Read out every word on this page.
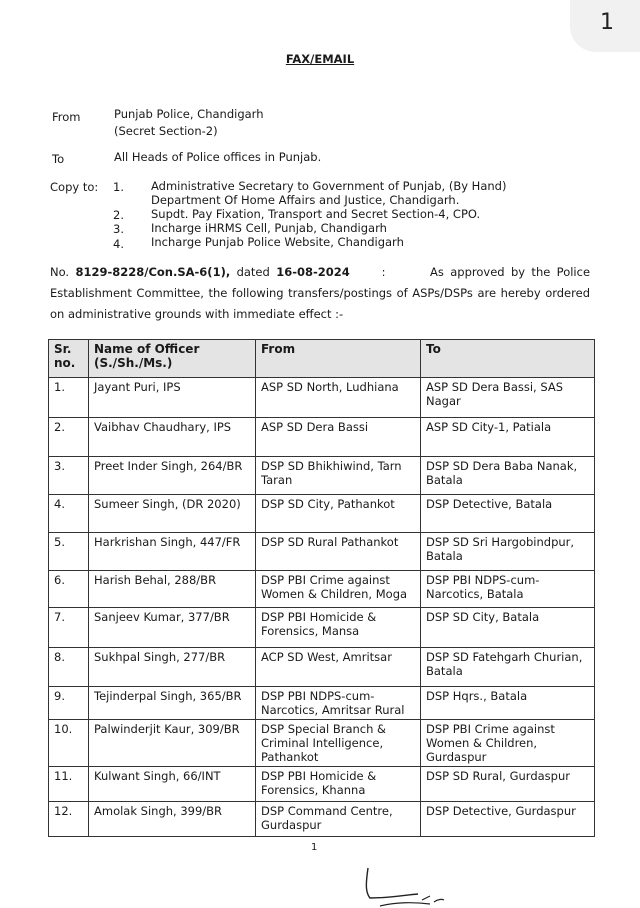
1
FAX/EMAIL
From	Punjab Police, Chandigarh
(Secret Section-2)
To	All Heads of Police offices in Punjab.
Copy to: 1. Administrative Secretary to Government of Punjab, (By Hand)
Department Of Home Affairs and Justice, Chandigarh.
2. Supdt. Pay Fixation, Transport and Secret Section-4, CPO.
3. Incharge iHRMS Cell, Punjab, Chandigarh
4. Incharge Punjab Police Website, Chandigarh
No. 8129-8228/Con.SA-6(1), dated 16-08-2024     :       As approved by the Police Establishment Committee, the following transfers/postings of ASPs/DSPs are hereby ordered on administrative grounds with immediate effect :-
Sr. no.	Name of Officer (S./Sh./Ms.)	From	To
1.	Jayant Puri, IPS	ASP SD North, Ludhiana	ASP SD Dera Bassi, SAS Nagar
2.	Vaibhav Chaudhary, IPS	ASP SD Dera Bassi	ASP SD City-1, Patiala
3.	Preet Inder Singh, 264/BR	DSP SD Bhikhiwind, Tarn Taran	DSP SD Dera Baba Nanak, Batala
4.	Sumeer Singh, (DR 2020)	DSP SD City, Pathankot	DSP Detective, Batala
5.	Harkrishan Singh, 447/FR	DSP SD Rural Pathankot	DSP SD Sri Hargobindpur, Batala
6.	Harish Behal, 288/BR	DSP PBI Crime against Women & Children, Moga	DSP PBI NDPS-cum-Narcotics, Batala
7.	Sanjeev Kumar, 377/BR	DSP PBI Homicide & Forensics, Mansa	DSP SD City, Batala
8.	Sukhpal Singh, 277/BR	ACP SD West, Amritsar	DSP SD Fatehgarh Churian, Batala
9.	Tejinderpal Singh, 365/BR	DSP PBI NDPS-cum-Narcotics, Amritsar Rural	DSP Hqrs., Batala
10.	Palwinderjit Kaur, 309/BR	DSP Special Branch & Criminal Intelligence, Pathankot	DSP PBI Crime against Women & Children, Gurdaspur
11.	Kulwant Singh, 66/INT	DSP PBI Homicide & Forensics, Khanna	DSP SD Rural, Gurdaspur
12.	Amolak Singh, 399/BR	DSP Command Centre, Gurdaspur	DSP Detective, Gurdaspur
1
